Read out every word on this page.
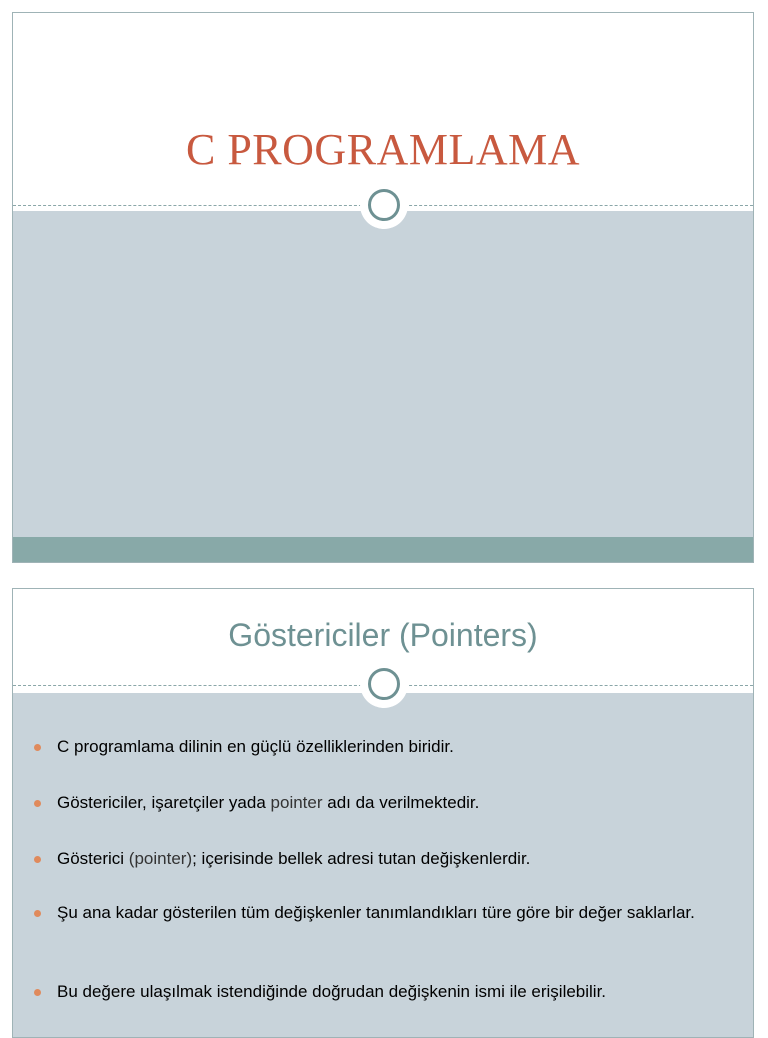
C PROGRAMLAMA
Göstericiler (Pointers)
C programlama dilinin en güçlü özelliklerinden biridir.
Göstericiler, işaretçiler yada pointer adı da verilmektedir.
Gösterici (pointer); içerisinde bellek adresi tutan değişkenlerdir.
Şu ana kadar gösterilen tüm değişkenler tanımlandıkları türe göre bir değer saklarlar.
Bu değere ulaşılmak istendiğinde doğrudan değişkenin ismi ile erişilebilir.
